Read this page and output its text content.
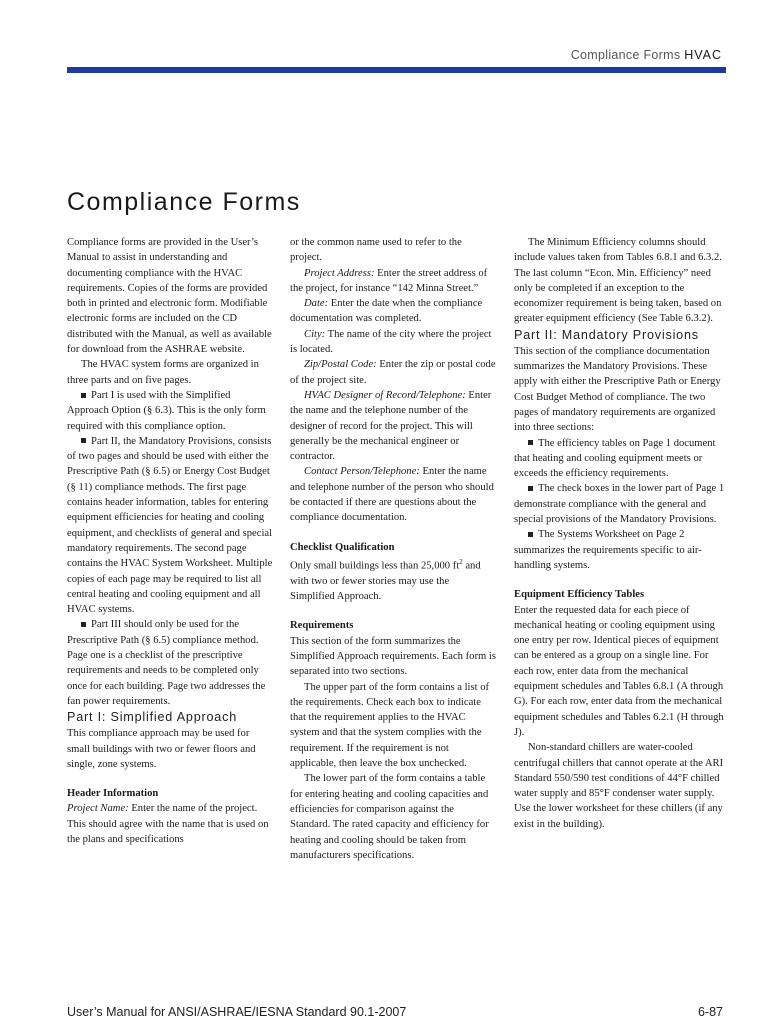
Compliance Forms HVAC
Compliance Forms

Compliance forms are provided in the User’s Manual to assist in understanding and documenting compliance with the HVAC requirements. Copies of the forms are provided both in printed and electronic form. Modifiable electronic forms are included on the CD distributed with the Manual, as well as available for download from the ASHRAE website.

The HVAC system forms are organized in three parts and on five pages.

Part I is used with the Simplified Approach Option (§ 6.3). This is the only form required with this compliance option.

Part II, the Mandatory Provisions, consists of two pages and should be used with either the Prescriptive Path (§ 6.5) or Energy Cost Budget (§ 11) compliance methods. The first page contains header information, tables for entering equipment efficiencies for heating and cooling equipment, and checklists of general and special mandatory requirements. The second page contains the HVAC System Worksheet. Multiple copies of each page may be required to list all central heating and cooling equipment and all HVAC systems.

Part III should only be used for the Prescriptive Path (§ 6.5) compliance method. Page one is a checklist of the prescriptive requirements and needs to be completed only once for each building. Page two addresses the fan power requirements.

Part I: Simplified Approach

This compliance approach may be used for small buildings with two or fewer floors and single, zone systems.

Header Information

Project Name: Enter the name of the project. This should agree with the name that is used on the plans and specifications

or the common name used to refer to the project.

Project Address: Enter the street address of the project, for instance “142 Minna Street.”

Date: Enter the date when the compliance documentation was completed.

City: The name of the city where the project is located.

Zip/Postal Code: Enter the zip or postal code of the project site.

HVAC Designer of Record/Telephone: Enter the name and the telephone number of the designer of record for the project. This will generally be the mechanical engineer or contractor.

Contact Person/Telephone: Enter the name and telephone number of the person who should be contacted if there are questions about the compliance documentation.

Checklist Qualification

Only small buildings less than 25,000 $ft^2$ and with two or fewer stories may use the Simplified Approach.

Requirements

This section of the form summarizes the Simplified Approach requirements. Each form is separated into two sections.

The upper part of the form contains a list of the requirements. Check each box to indicate that the requirement applies to the HVAC system and that the system complies with the requirement. If the requirement is not applicable, then leave the box unchecked.

The lower part of the form contains a table for entering heating and cooling capacities and efficiencies for comparison against the Standard. The rated capacity and efficiency for heating and cooling should be taken from manufacturers specifications.

The Minimum Efficiency columns should include values taken from Tables 6.8.1 and 6.3.2. The last column “Econ. Min. Efficiency” need only be completed if an exception to the economizer requirement is being taken, based on greater equipment efficiency (See Table 6.3.2).

Part II: Mandatory Provisions

This section of the compliance documentation summarizes the Mandatory Provisions. These apply with either the Prescriptive Path or Energy Cost Budget Method of compliance. The two pages of mandatory requirements are organized into three sections:

The efficiency tables on Page 1 document that heating and cooling equipment meets or exceeds the efficiency requirements.

The check boxes in the lower part of Page 1 demonstrate compliance with the general and special provisions of the Mandatory Provisions.

The Systems Worksheet on Page 2 summarizes the requirements specific to air-handling systems.

Equipment Efficiency Tables

Enter the requested data for each piece of mechanical heating or cooling equipment using one entry per row. Identical pieces of equipment can be entered as a group on a single line. For each row, enter data from the mechanical equipment schedules and Tables 6.8.1 (A through G). For each row, enter data from the mechanical equipment schedules and Tables 6.2.1 (H through J).

Non-standard chillers are water-cooled centrifugal chillers that cannot operate at the ARI Standard 550/590 test conditions of 44°F chilled water supply and 85°F condenser water supply. Use the lower worksheet for these chillers (if any exist in the building).

User’s Manual for ANSI/ASHRAE/IESNA Standard 90.1-2007	6-87
